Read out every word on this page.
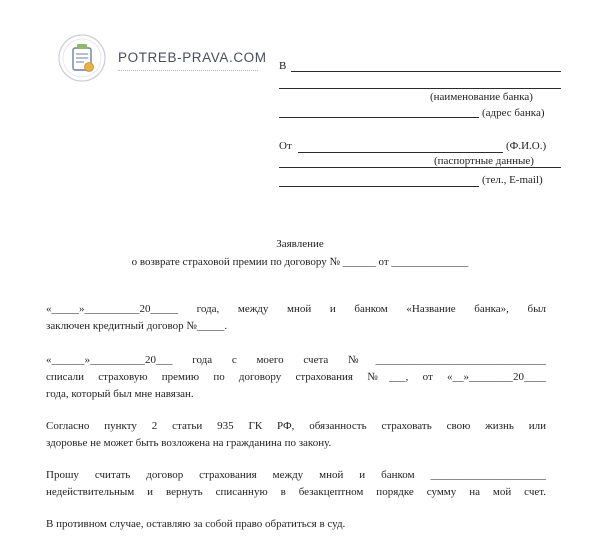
POTREB-PRAVA.COM
В
(наименование банка)
(адрес банка)
От	(Ф.И.О.)
(паспортные данные)
(тел., E-mail)
Заявление
о возврате страховой премии по договору № ______ от ______________
«_____»__________20_____ года, между мной и банком «Название банка», был
заключен кредитный договор №_____.
«______»__________20___ года с моего счета №_______________________________
списали страховую премию по договору страхования №___, от «__»________20____
года, который был мне навязан.
Согласно пункту 2 статьи 935 ГК РФ, обязанность страховать свою жизнь или
здоровье не может быть возложена на гражданина по закону.
Прошу считать договор страхования между мной и банком _____________________
недействительным и вернуть списанную в безакцептном порядке сумму на мой счет.
В противном случае, оставляю за собой право обратиться в суд.
